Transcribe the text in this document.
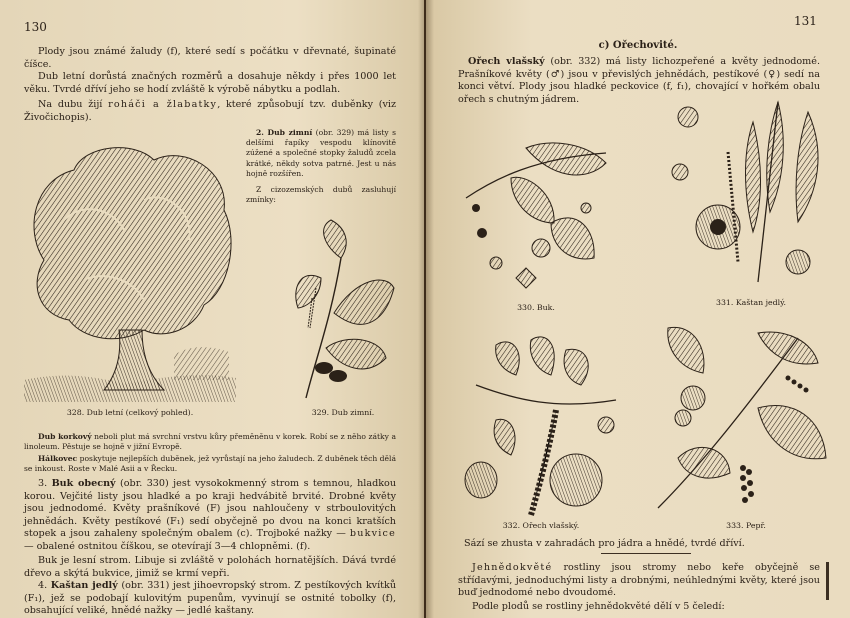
130
Plody jsou známé žaludy (f), které sedí s počátku v dřevnaté, šupinaté číšce.
Dub letní dorůstá značných rozměrů a dosahuje někdy i přes 1000 let věku. Tvrdé dříví jeho se hodí zvláště k výrobě nábytku a podlah.
Na dubu žijí roháči a žlabatky, které způsobují tzv. duběnky (viz Živočichopis).
328. Dub letní (celkový pohled).
2. Dub zimní (obr. 329) má listy s delšími řapíky vespodu klínovitě zúžené a společné stopky žaludů zcela krátké, někdy sotva patrné. Jest u nás hojně rozšířen.
Z cizozemských dubů zasluhují zmínky:
329. Dub zimní.
Dub korkový neboli plut má svrchní vrstvu kůry přeměněnu v korek. Robí se z něho zátky a linoleum. Pěstuje se hojně v jižní Evropě.
Hálkovec poskytuje nejlepších duběnek, jež vyrůstají na jeho žaludech. Z duběnek těch dělá se inkoust. Roste v Malé Asii a v Řecku.
3. Buk obecný (obr. 330) jest vysokokmenný strom s temnou, hladkou korou. Vejčité listy jsou hladké a po kraji hedvábitě brvité. Drobné květy jsou jednodomé. Květy prašníkové (F) jsou nahloučeny v strboulovitých jehnědách. Květy pestíkové (F₁) sedí obyčejně po dvou na konci kratších stopek a jsou zahaleny společným obalem (c). Trojboké nažky — bukvice — obalené ostnitou číškou, se otevírají 3—4 chlopněmi. (f).
Buk je lesní strom. Libuje si zvláště v polohách hornatějších. Dává tvrdé dřevo a skýtá bukvice, jimiž se krmí vepři.
4. Kaštan jedlý (obr. 331) jest jihoevropský strom. Z pestíkových kvítků (F₁), jež se podobají kulovitým pupenům, vyvinují se ostnité tobolky (f), obsahující veliké, hnědé nažky — jedlé kaštany.
131
c) Ořechovité.
Ořech vlašský (obr. 332) má listy lichozpeřené a květy jednodomé. Prašníkové květy (♂) jsou v převislých jehnědách, pestíkové (♀) sedí na konci větví. Plody jsou hladké peckovice (f, f₁), chovající v hořkém obalu ořech s chutným jádrem.
330. Buk.
331. Kaštan jedlý.
332. Ořech vlašský.	333. Pepř.
Sází se zhusta v zahradách pro jádra a hnědé, tvrdé dříví.
Jehnědokvěté rostliny jsou stromy nebo keře obyčejně se střídavými, jednoduchými listy a drobnými, neúhlednými květy, které jsou buď jednodomé nebo dvoudomé.
Podle plodů se rostliny jehnědokvěté dělí v 5 čeledí:
